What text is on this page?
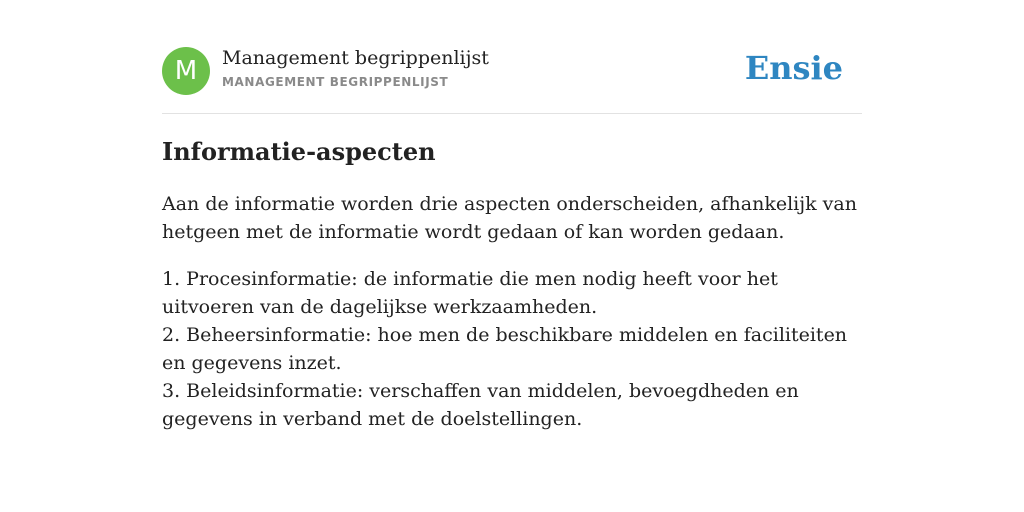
M	Management begrippenlijst
MANAGEMENT BEGRIPPENLIJST	Ensie
Informatie-aspecten

Aan de informatie worden drie aspecten onderscheiden, afhankelijk van hetgeen met de informatie wordt gedaan of kan worden gedaan.

1. Procesinformatie: de informatie die men nodig heeft voor het uitvoeren van de dagelijkse werkzaamheden.
2. Beheersinformatie: hoe men de beschikbare middelen en faciliteiten en gegevens inzet.
3. Beleidsinformatie: verschaffen van middelen, bevoegdheden en gegevens in verband met de doelstellingen.
